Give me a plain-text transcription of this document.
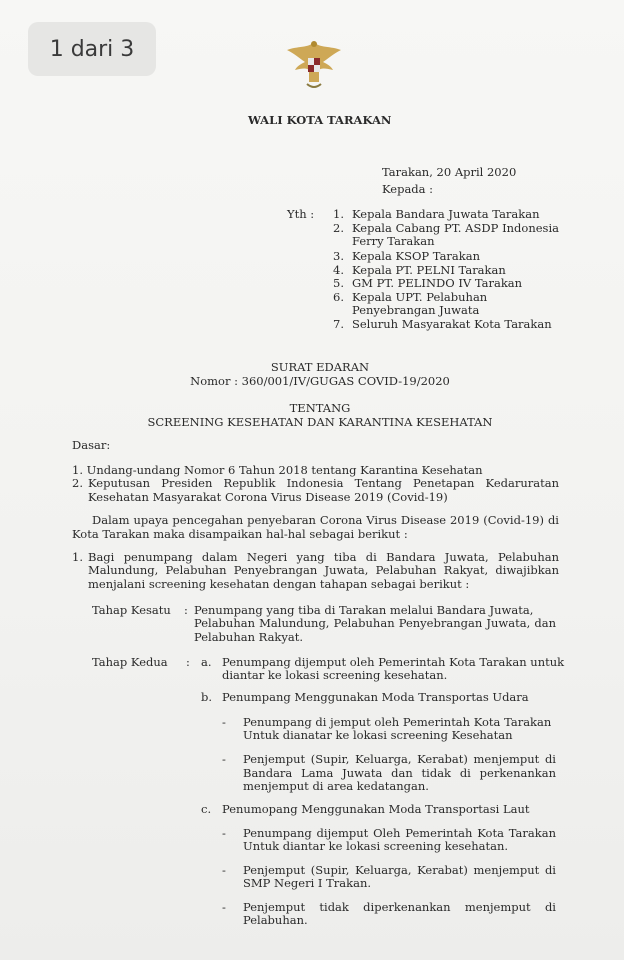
1 dari 3
WALI KOTA TARAKAN
Tarakan, 20 April 2020
Kepada :
Yth : 1. Kepala Bandara Juwata Tarakan
2. Kepala Cabang PT. ASDP Indonesia
Ferry Tarakan
3. Kepala KSOP Tarakan
4. Kepala PT. PELNI Tarakan
5. GM PT. PELINDO IV Tarakan
6. Kepala UPT. Pelabuhan
Penyebrangan Juwata
7. Seluruh Masyarakat Kota Tarakan
SURAT EDARAN
Nomor : 360/001/IV/GUGAS COVID-19/2020
TENTANG
SCREENING KESEHATAN DAN KARANTINA KESEHATAN
Dasar:
1. Undang-undang Nomor 6 Tahun 2018 tentang Karantina Kesehatan
2. Keputusan Presiden Republik Indonesia Tentang Penetapan Kedaruratan
Kesehatan Masyarakat Corona Virus Disease 2019 (Covid-19)
Dalam upaya pencegahan penyebaran Corona Virus Disease 2019 (Covid-19) di
Kota Tarakan maka disampaikan hal-hal sebagai berikut :
1. Bagi penumpang dalam Negeri yang tiba di Bandara Juwata, Pelabuhan
Malundung, Pelabuhan Penyebrangan Juwata, Pelabuhan Rakyat, diwajibkan
menjalani screening kesehatan dengan tahapan sebagai berikut :
Tahap Kesatu : Penumpang yang tiba di Tarakan melalui Bandara Juwata,
Pelabuhan Malundung, Pelabuhan Penyebrangan Juwata, dan
Pelabuhan Rakyat.
Tahap Kedua : a. Penumpang dijemput oleh Pemerintah Kota Tarakan untuk
diantar ke lokasi screening kesehatan.
b. Penumpang Menggunakan Moda Transportas Udara
- Penumpang di jemput oleh Pemerintah Kota Tarakan
Untuk dianatar ke lokasi screening Kesehatan
- Penjemput (Supir, Keluarga, Kerabat) menjemput di
Bandara Lama Juwata dan tidak di perkenankan
menjemput di area kedatangan.
c. Penumopang Menggunakan Moda Transportasi Laut
- Penumpang dijemput Oleh Pemerintah Kota Tarakan
Untuk diantar ke lokasi screening kesehatan.
- Penjemput (Supir, Keluarga, Kerabat) menjemput di
SMP Negeri I Trakan.
- Penjemput tidak diperkenankan menjemput di
Pelabuhan.
